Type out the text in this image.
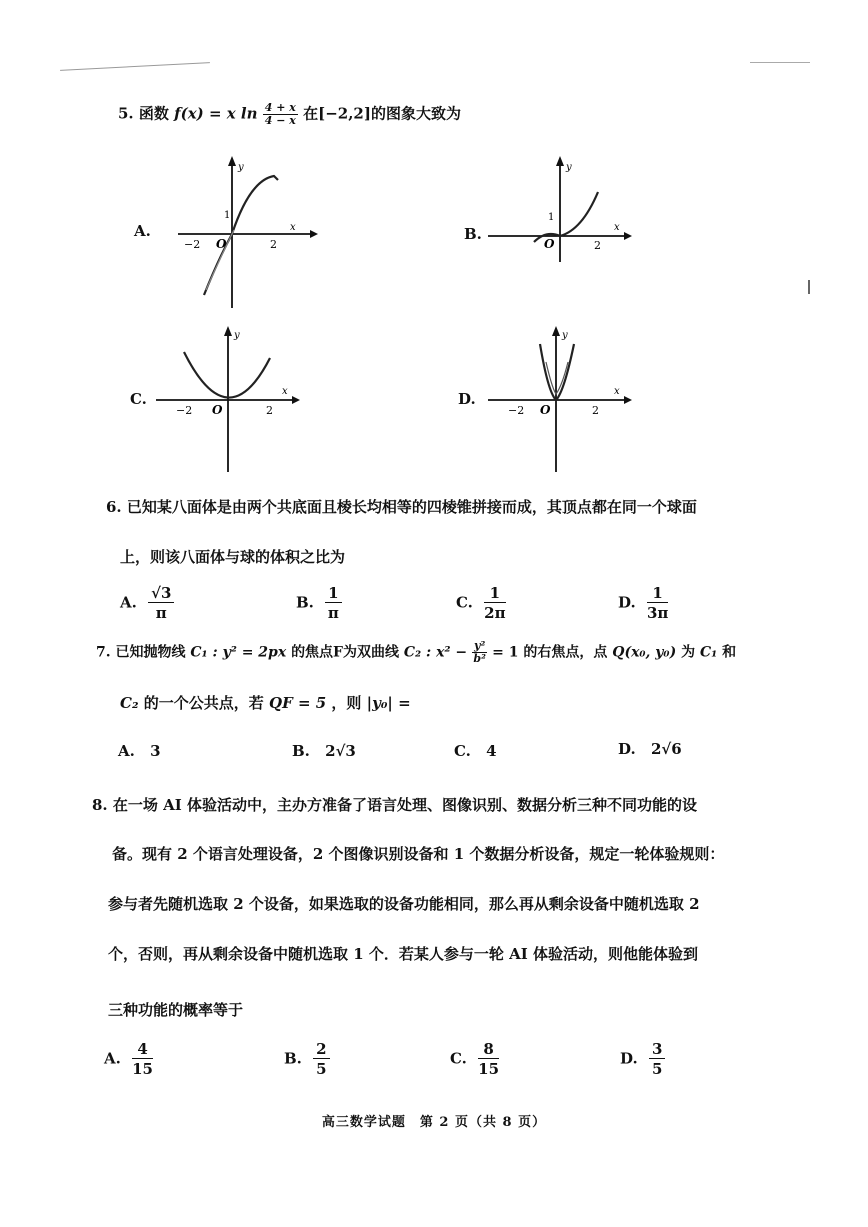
5. 函数 f(x) = x $\ln \frac{4 + x}{4 - x}$ 在[−2,2]的图象大致为
A.
−2	2
1
O
x
y
B.
2
1
O
x
y
C.
−2	2
O
x
y
D.
−2	2
O
x
y
6. 已知某八面体是由两个共底面且棱长均相等的四棱锥拼接而成，其顶点都在同一个球面
上，则该八面体与球的体积之比为
A. $\frac{√3}{\pi}$	B. $\frac{1}{\pi}$	C. $\frac{1}{2\pi}$	D. $\frac{1}{3\pi}$
7. 已知抛物线 C₁ : y² = 2px 的焦点F为双曲线 C₂ : $x^2 - \frac{\text{y²}}{\text{b²}} = 1$ 的右焦点，点 Q(x₀, y₀) 为 C₁ 和
C₂ 的一个公共点，若 QF = 5 ，则 |y₀| =
A. 3	B. 2√3	C. 4	D. 2√6
8. 在一场 AI 体验活动中，主办方准备了语言处理、图像识别、数据分析三种不同功能的设
备。现有 2 个语言处理设备，2 个图像识别设备和 1 个数据分析设备，规定一轮体验规则：
参与者先随机选取 2 个设备，如果选取的设备功能相同，那么再从剩余设备中随机选取 2
个，否则，再从剩余设备中随机选取 1 个．若某人参与一轮 AI 体验活动，则他能体验到
三种功能的概率等于
A. $\frac{4}{15}$	B. $\frac{2}{5}$	C. $\frac{8}{15}$	D. $\frac{3}{5}$
高三数学试题　第 2 页（共 8 页）
